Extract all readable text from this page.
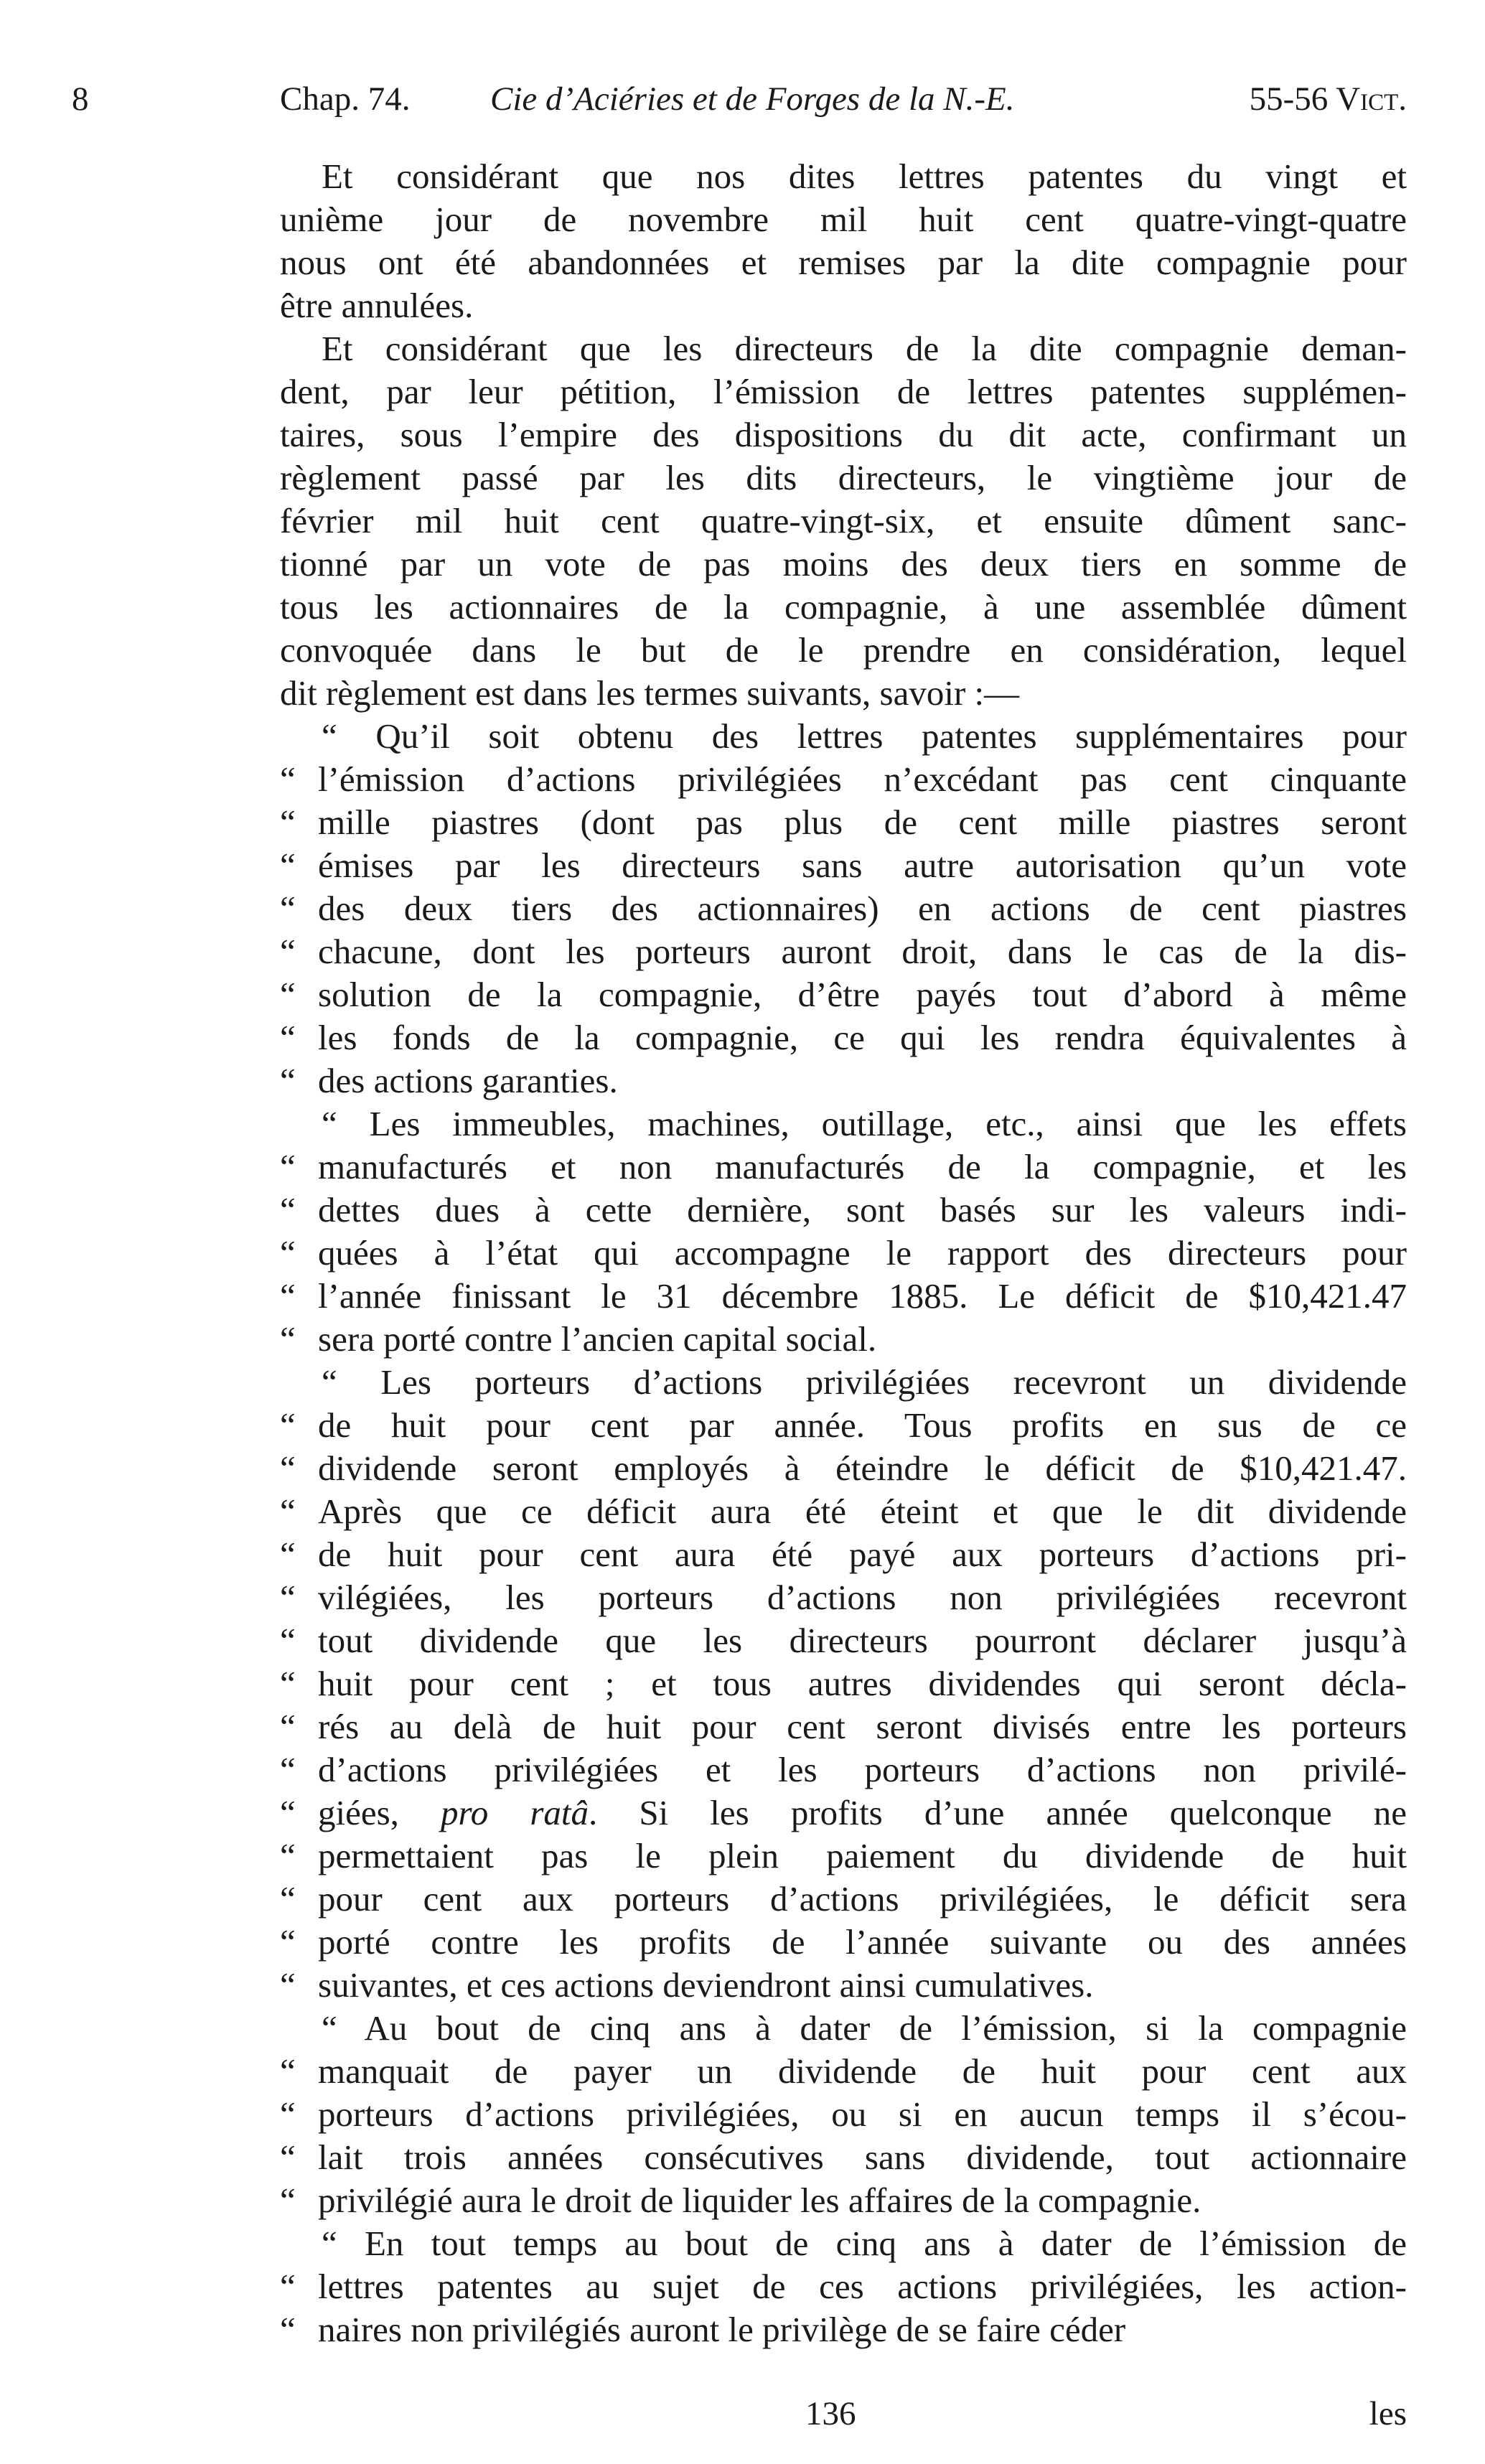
8	Chap. 74. Cie d’Aciéries et de Forges de la N.-E.	55-56 Vict.
Et considérant que nos dites lettres patentes du vingt et
unième jour de novembre mil huit cent quatre-vingt-quatre
nous ont été abandonnées et remises par la dite compagnie pour
être annulées.
Et considérant que les directeurs de la dite compagnie deman-
dent, par leur pétition, l’émission de lettres patentes supplémen-
taires, sous l’empire des dispositions du dit acte, confirmant un
règlement passé par les dits directeurs, le vingtième jour de
février mil huit cent quatre-vingt-six, et ensuite dûment sanc-
tionné par un vote de pas moins des deux tiers en somme de
tous les actionnaires de la compagnie, à une assemblée dûment
convoquée dans le but de le prendre en considération, lequel
dit règlement est dans les termes suivants, savoir :—
“ Qu’il soit obtenu des lettres patentes supplémentaires pour
“ l’émission d’actions privilégiées n’excédant pas cent cinquante
“ mille piastres (dont pas plus de cent mille piastres seront
“ émises par les directeurs sans autre autorisation qu’un vote
“ des deux tiers des actionnaires) en actions de cent piastres
“ chacune, dont les porteurs auront droit, dans le cas de la dis-
“ solution de la compagnie, d’être payés tout d’abord à même
“ les fonds de la compagnie, ce qui les rendra équivalentes à
“ des actions garanties.
“ Les immeubles, machines, outillage, etc., ainsi que les effets
“ manufacturés et non manufacturés de la compagnie, et les
“ dettes dues à cette dernière, sont basés sur les valeurs indi-
“ quées à l’état qui accompagne le rapport des directeurs pour
“ l’année finissant le 31 décembre 1885. Le déficit de $10,421.47
“ sera porté contre l’ancien capital social.
“ Les porteurs d’actions privilégiées recevront un dividende
“ de huit pour cent par année. Tous profits en sus de ce
“ dividende seront employés à éteindre le déficit de $10,421.47.
“ Après que ce déficit aura été éteint et que le dit dividende
“ de huit pour cent aura été payé aux porteurs d’actions pri-
“ vilégiées, les porteurs d’actions non privilégiées recevront
“ tout dividende que les directeurs pourront déclarer jusqu’à
“ huit pour cent ; et tous autres dividendes qui seront décla-
“ rés au delà de huit pour cent seront divisés entre les porteurs
“ d’actions privilégiées et les porteurs d’actions non privilé-
“ giées, pro ratâ. Si les profits d’une année quelconque ne
“ permettaient pas le plein paiement du dividende de huit
“ pour cent aux porteurs d’actions privilégiées, le déficit sera
“ porté contre les profits de l’année suivante ou des années
“ suivantes, et ces actions deviendront ainsi cumulatives.
“ Au bout de cinq ans à dater de l’émission, si la compagnie
“ manquait de payer un dividende de huit pour cent aux
“ porteurs d’actions privilégiées, ou si en aucun temps il s’écou-
“ lait trois années consécutives sans dividende, tout actionnaire
“ privilégié aura le droit de liquider les affaires de la compagnie.
“ En tout temps au bout de cinq ans à dater de l’émission de
“ lettres patentes au sujet de ces actions privilégiées, les action-
“ naires non privilégiés auront le privilège de se faire céder
136	les
